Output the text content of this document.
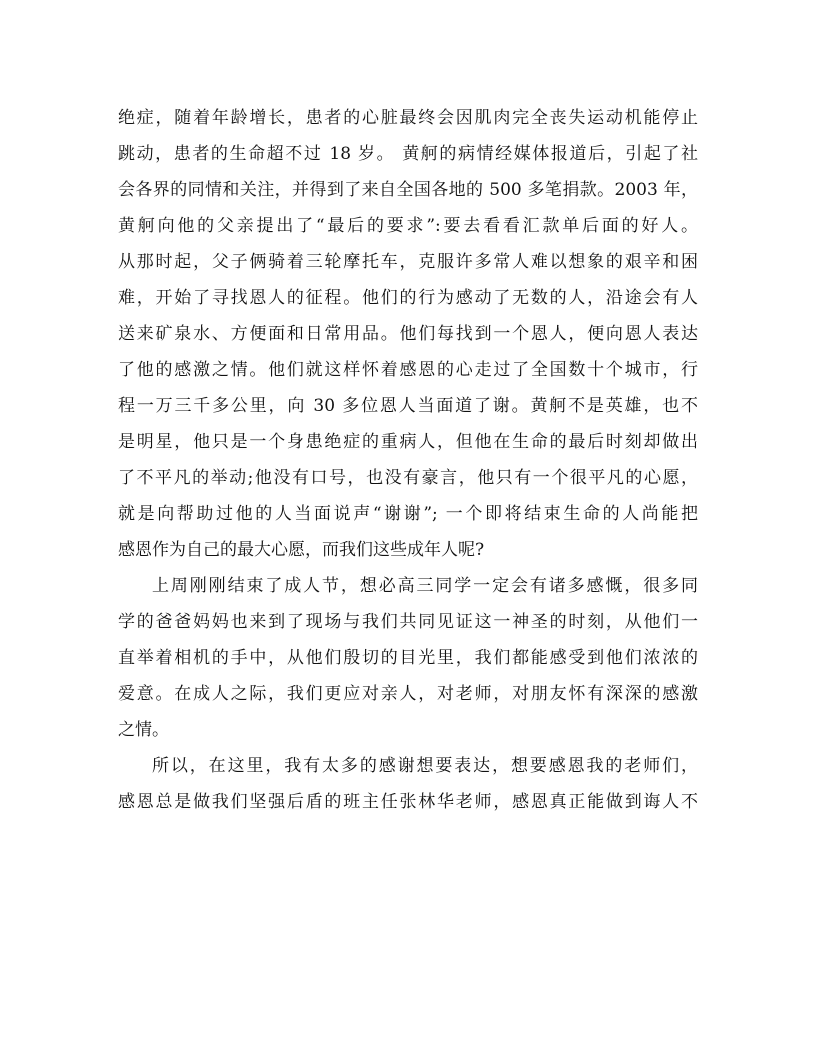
绝症，随着年龄增长，患者的心脏最终会因肌肉完全丧失运动机能停止
跳动，患者的生命超不过 18 岁。 黄舸的病情经媒体报道后，引起了社
会各界的同情和关注，并得到了来自全国各地的 500 多笔捐款。2003 年，
黄舸向他的父亲提出了“最后的要求”:要去看看汇款单后面的好人。
从那时起，父子俩骑着三轮摩托车，克服许多常人难以想象的艰辛和困
难，开始了寻找恩人的征程。他们的行为感动了无数的人，沿途会有人
送来矿泉水、方便面和日常用品。他们每找到一个恩人，便向恩人表达
了他的感激之情。他们就这样怀着感恩的心走过了全国数十个城市，行
程一万三千多公里，向 30 多位恩人当面道了谢。黄舸不是英雄，也不
是明星，他只是一个身患绝症的重病人，但他在生命的最后时刻却做出
了不平凡的举动;他没有口号，也没有豪言，他只有一个很平凡的心愿，
就是向帮助过他的人当面说声“谢谢”; 一个即将结束生命的人尚能把
感恩作为自己的最大心愿，而我们这些成年人呢?
上周刚刚结束了成人节，想必高三同学一定会有诸多感慨，很多同
学的爸爸妈妈也来到了现场与我们共同见证这一神圣的时刻，从他们一
直举着相机的手中，从他们殷切的目光里，我们都能感受到他们浓浓的
爱意。在成人之际，我们更应对亲人，对老师，对朋友怀有深深的感激
之情。
所以，在这里，我有太多的感谢想要表达，想要感恩我的老师们，
感恩总是做我们坚强后盾的班主任张林华老师，感恩真正能做到诲人不
